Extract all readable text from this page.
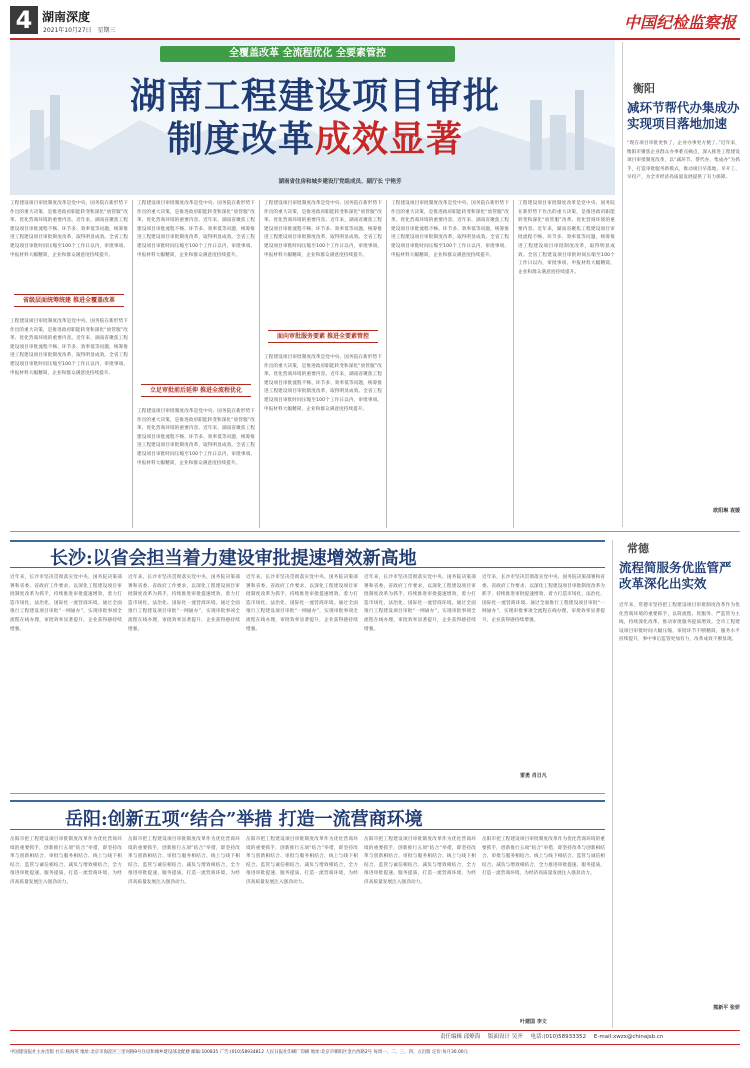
4 湖南深度
2021年10月27日 星期三	中国纪检监察报
全覆盖改革 全流程优化 全要素管控
湖南工程建设项目审批
制度改革成效显著
湖南省住房和城乡建设厅党组成员、副厅长 宁艳芳
工程建设项目审批制度改革是党中央、国务院在新形势下作出的重大决策，是推进政府职能转变和深化“放管服”改革、优化营商环境的重要内容。近年来，湖南省聚焦工程建设项目审批流程不畅、环节多、效率低等问题，统筹推进工程建设项目审批制度改革，取得明显成效。全省工程建设项目审批时间压缩至100个工作日以内，审批事项、申报材料大幅精简，企业和群众满意度持续提升。
省级层面统筹统建 推进全覆盖改革
工程建设项目审批制度改革是党中央、国务院在新形势下作出的重大决策，是推进政府职能转变和深化“放管服”改革、优化营商环境的重要内容。近年来，湖南省聚焦工程建设项目审批流程不畅、环节多、效率低等问题，统筹推进工程建设项目审批制度改革，取得明显成效。全省工程建设项目审批时间压缩至100个工作日以内，审批事项、申报材料大幅精简，企业和群众满意度持续提升。
工程建设项目审批制度改革是党中央、国务院在新形势下作出的重大决策，是推进政府职能转变和深化“放管服”改革、优化营商环境的重要内容。近年来，湖南省聚焦工程建设项目审批流程不畅、环节多、效率低等问题，统筹推进工程建设项目审批制度改革，取得明显成效。全省工程建设项目审批时间压缩至100个工作日以内，审批事项、申报材料大幅精简，企业和群众满意度持续提升。
立足审批前后延伸 推进全流程优化
工程建设项目审批制度改革是党中央、国务院在新形势下作出的重大决策，是推进政府职能转变和深化“放管服”改革、优化营商环境的重要内容。近年来，湖南省聚焦工程建设项目审批流程不畅、环节多、效率低等问题，统筹推进工程建设项目审批制度改革，取得明显成效。全省工程建设项目审批时间压缩至100个工作日以内，审批事项、申报材料大幅精简，企业和群众满意度持续提升。
工程建设项目审批制度改革是党中央、国务院在新形势下作出的重大决策，是推进政府职能转变和深化“放管服”改革、优化营商环境的重要内容。近年来，湖南省聚焦工程建设项目审批流程不畅、环节多、效率低等问题，统筹推进工程建设项目审批制度改革，取得明显成效。全省工程建设项目审批时间压缩至100个工作日以内，审批事项、申报材料大幅精简，企业和群众满意度持续提升。
面向审批服务要素 推进全要素管控
工程建设项目审批制度改革是党中央、国务院在新形势下作出的重大决策，是推进政府职能转变和深化“放管服”改革、优化营商环境的重要内容。近年来，湖南省聚焦工程建设项目审批流程不畅、环节多、效率低等问题，统筹推进工程建设项目审批制度改革，取得明显成效。全省工程建设项目审批时间压缩至100个工作日以内，审批事项、申报材料大幅精简，企业和群众满意度持续提升。
工程建设项目审批制度改革是党中央、国务院在新形势下作出的重大决策，是推进政府职能转变和深化“放管服”改革、优化营商环境的重要内容。近年来，湖南省聚焦工程建设项目审批流程不畅、环节多、效率低等问题，统筹推进工程建设项目审批制度改革，取得明显成效。全省工程建设项目审批时间压缩至100个工作日以内，审批事项、申报材料大幅精简，企业和群众满意度持续提升。
工程建设项目审批制度改革是党中央、国务院在新形势下作出的重大决策，是推进政府职能转变和深化“放管服”改革、优化营商环境的重要内容。近年来，湖南省聚焦工程建设项目审批流程不畅、环节多、效率低等问题，统筹推进工程建设项目审批制度改革，取得明显成效。全省工程建设项目审批时间压缩至100个工作日以内，审批事项、申报材料大幅精简，企业和群众满意度持续提升。
衡阳
减环节帮代办集成办
实现项目落地加速
“现在项目审批更快了，企业办事更方便了。”近年来，衡阳市聚焦企业群众办事难点痛点，深入推进工程建设项目审批制度改革，以“减环节、帮代办、集成办”为抓手，打造审批服务新模式，推动项目早落地、早开工、早投产，为全市经济高质量发展提供了有力保障。
欧阳琳 袁媛
长沙:以省会担当着力建设审批提速增效新高地
近年来，长沙市坚决贯彻落实党中央、国务院决策部署和省委、省政府工作要求，以深化工程建设项目审批制度改革为抓手，持续推进审批提速增效，着力打造市场化、法治化、国际化一流营商环境。通过全面推行工程建设项目审批“一网通办”，实现审批事项全流程在线办理，审批效率显著提升，企业获得感持续增强。
近年来，长沙市坚决贯彻落实党中央、国务院决策部署和省委、省政府工作要求，以深化工程建设项目审批制度改革为抓手，持续推进审批提速增效，着力打造市场化、法治化、国际化一流营商环境。通过全面推行工程建设项目审批“一网通办”，实现审批事项全流程在线办理，审批效率显著提升，企业获得感持续增强。
近年来，长沙市坚决贯彻落实党中央、国务院决策部署和省委、省政府工作要求，以深化工程建设项目审批制度改革为抓手，持续推进审批提速增效，着力打造市场化、法治化、国际化一流营商环境。通过全面推行工程建设项目审批“一网通办”，实现审批事项全流程在线办理，审批效率显著提升，企业获得感持续增强。
近年来，长沙市坚决贯彻落实党中央、国务院决策部署和省委、省政府工作要求，以深化工程建设项目审批制度改革为抓手，持续推进审批提速增效，着力打造市场化、法治化、国际化一流营商环境。通过全面推行工程建设项目审批“一网通办”，实现审批事项全流程在线办理，审批效率显著提升，企业获得感持续增强。
近年来，长沙市坚决贯彻落实党中央、国务院决策部署和省委、省政府工作要求，以深化工程建设项目审批制度改革为抓手，持续推进审批提速增效，着力打造市场化、法治化、国际化一流营商环境。通过全面推行工程建设项目审批“一网通办”，实现审批事项全流程在线办理，审批效率显著提升，企业获得感持续增强。
雷勇 肖日凡
常德
流程简服务优监管严
改革深化出实效
近年来，常德市坚持把工程建设项目审批制度改革作为优化营商环境的重要抓手，以简流程、优服务、严监管为主线，持续深化改革，推动审批服务提质增效。全市工程建设项目审批时间大幅压缩，审批环节不断精简，服务水平持续提升，事中事后监管更加有力，改革成效不断显现。
熊新平 张妍
岳阳:创新五项“结合”举措 打造一流营商环境
岳阳市把工程建设项目审批制度改革作为优化营商环境的重要抓手，创新推行五项“结合”举措，即坚持改革与创新相结合、审批与服务相结合、线上与线下相结合、监管与诚信相结合、减负与增效相结合，全力推进审批提速、服务提质，打造一流营商环境，为经济高质量发展注入强劲动力。
岳阳市把工程建设项目审批制度改革作为优化营商环境的重要抓手，创新推行五项“结合”举措，即坚持改革与创新相结合、审批与服务相结合、线上与线下相结合、监管与诚信相结合、减负与增效相结合，全力推进审批提速、服务提质，打造一流营商环境，为经济高质量发展注入强劲动力。
岳阳市把工程建设项目审批制度改革作为优化营商环境的重要抓手，创新推行五项“结合”举措，即坚持改革与创新相结合、审批与服务相结合、线上与线下相结合、监管与诚信相结合、减负与增效相结合，全力推进审批提速、服务提质，打造一流营商环境，为经济高质量发展注入强劲动力。
岳阳市把工程建设项目审批制度改革作为优化营商环境的重要抓手，创新推行五项“结合”举措，即坚持改革与创新相结合、审批与服务相结合、线上与线下相结合、监管与诚信相结合、减负与增效相结合，全力推进审批提速、服务提质，打造一流营商环境，为经济高质量发展注入强劲动力。
岳阳市把工程建设项目审批制度改革作为优化营商环境的重要抓手，创新推行五项“结合”举措，即坚持改革与创新相结合、审批与服务相结合、线上与线下相结合、监管与诚信相结合、减负与增效相结合，全力推进审批提速、服务提质，打造一流营商环境，为经济高质量发展注入强劲动力。
叶建国 李文
责任编辑 邱燎海 版面设计 吴齐 电话:(010)58933352 E-mail:xwzx@chinajsb.cn
中国建设报社主办出版 社长:杨海英 地址:北京市海淀区三里河路9号住房和城乡建设部北配楼 邮编:100835 广告:(010)58934812 人民日报社印刷厂印刷 地址:北京市朝阳区金台西路2号 每周一、二、三、四、五出版 定价:每月30.00元
